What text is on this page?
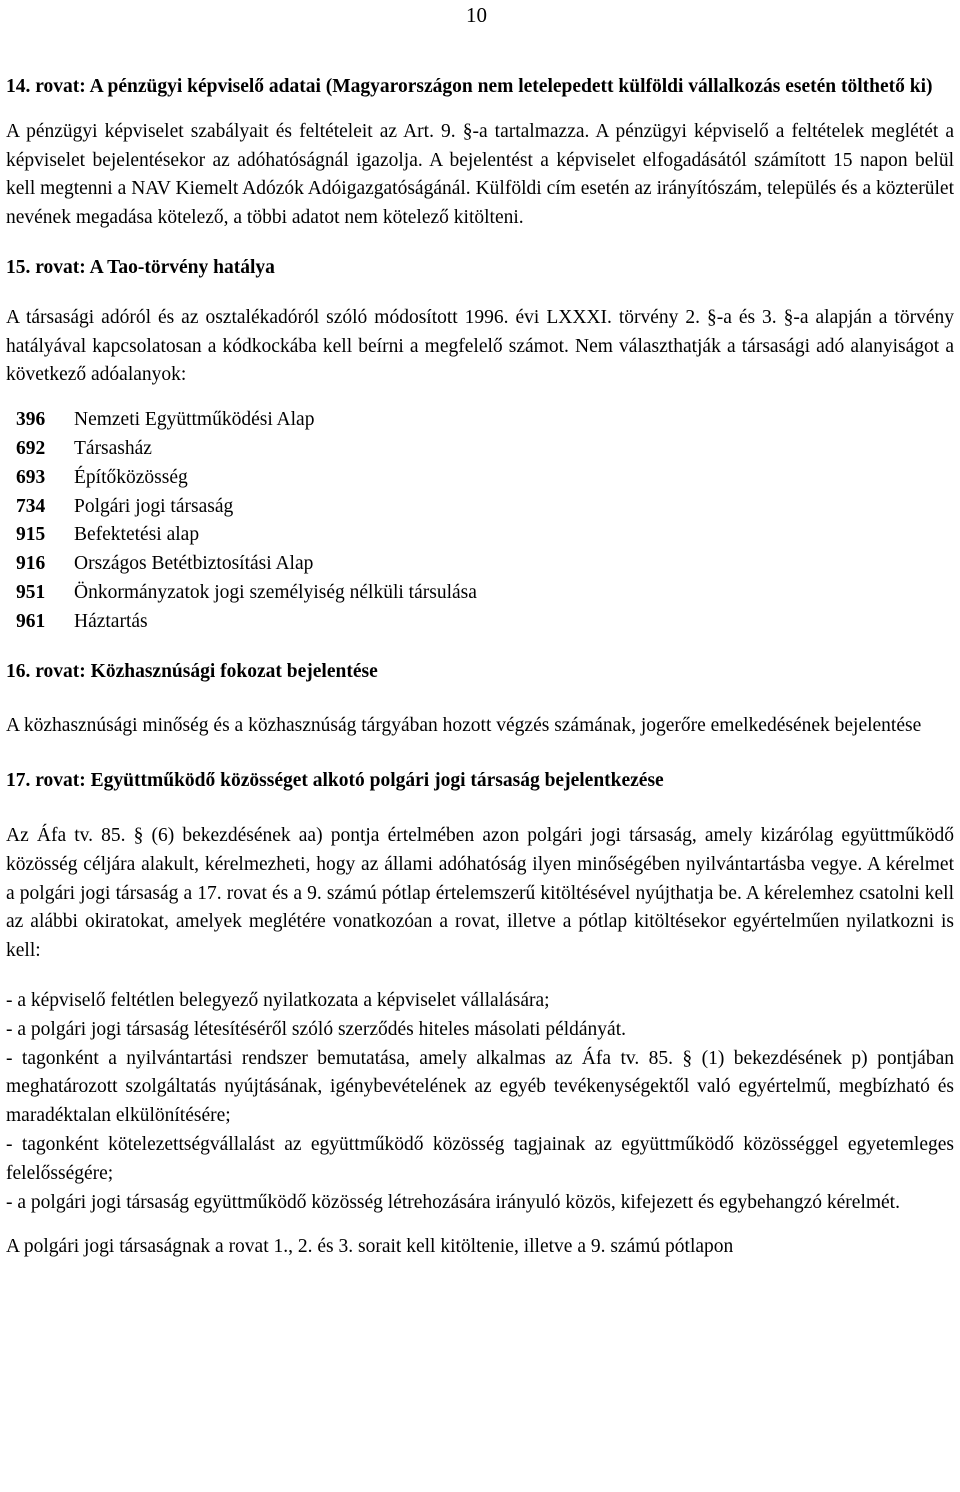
10
14. rovat: A pénzügyi képviselő adatai (Magyarországon nem letelepedett külföldi vállalkozás esetén tölthető ki)

A pénzügyi képviselet szabályait és feltételeit az Art. 9. §-a tartalmazza. A pénzügyi képviselő a feltételek meglétét a képviselet bejelentésekor az adóhatóságnál igazolja. A bejelentést a képviselet elfogadásától számított 15 napon belül kell megtenni a NAV Kiemelt Adózók Adóigazgatóságánál. Külföldi cím esetén az irányítószám, település és a közterület nevének megadása kötelező, a többi adatot nem kötelező kitölteni.

15. rovat: A Tao-törvény hatálya

A társasági adóról és az osztalékadóról szóló módosított 1996. évi LXXXI. törvény 2. §-a és 3. §-a alapján a törvény hatályával kapcsolatosan a kódkockába kell beírni a megfelelő számot. Nem választhatják a társasági adó alanyiságot a következő adóalanyok:

396	Nemzeti Együttműködési Alap
692	Társasház
693	Építőközösség
734	Polgári jogi társaság
915	Befektetési alap
916	Országos Betétbiztosítási Alap
951	Önkormányzatok jogi személyiség nélküli társulása
961	Háztartás
16. rovat: Közhasznúsági fokozat bejelentése

A közhasznúsági minőség és a közhasznúság tárgyában hozott végzés számának, jogerőre emelkedésének bejelentése

17. rovat: Együttműködő közösséget alkotó polgári jogi társaság bejelentkezése

Az Áfa tv. 85. § (6) bekezdésének aa) pontja értelmében azon polgári jogi társaság, amely kizárólag együttműködő közösség céljára alakult, kérelmezheti, hogy az állami adóhatóság ilyen minőségében nyilvántartásba vegye. A kérelmet a polgári jogi társaság a 17. rovat és a 9. számú pótlap értelemszerű kitöltésével nyújthatja be. A kérelemhez csatolni kell az alábbi okiratokat, amelyek meglétére vonatkozóan a rovat, illetve a pótlap kitöltésekor egyértelműen nyilatkozni is kell:

- a képviselő feltétlen belegyező nyilatkozata a képviselet vállalására;
- a polgári jogi társaság létesítéséről szóló szerződés hiteles másolati példányát.
- tagonként a nyilvántartási rendszer bemutatása, amely alkalmas az Áfa tv. 85. § (1) bekezdésének p) pontjában meghatározott szolgáltatás nyújtásának, igénybevételének az egyéb tevékenységektől való egyértelmű, megbízható és maradéktalan elkülönítésére;
- tagonként kötelezettségvállalást az együttműködő közösség tagjainak az együttműködő közösséggel egyetemleges felelősségére;
- a polgári jogi társaság együttműködő közösség létrehozására irányuló közös, kifejezett és egybehangzó kérelmét.

A polgári jogi társaságnak a rovat 1., 2. és 3. sorait kell kitöltenie, illetve a 9. számú pótlapon
